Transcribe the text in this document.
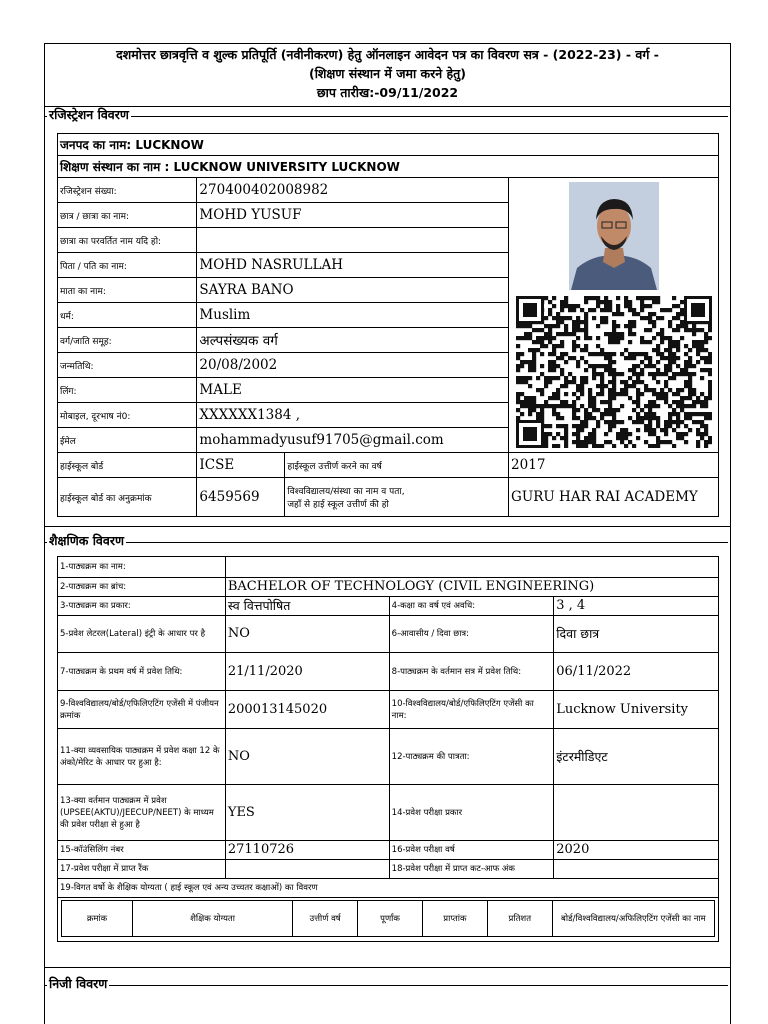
दशमोत्तर छात्रवृत्ति व शुल्क प्रतिपूर्ति (नवीनीकरण) हेतु ऑनलाइन आवेदन पत्र का विवरण सत्र - (2022-23) - वर्ग -
(शिक्षण संस्थान में जमा करने हेतु)
छाप तारीख:-09/11/2022
रजिस्ट्रेशन विवरण
जनपद का नाम: LUCKNOW			
शिक्षण संस्थान का नाम : LUCKNOW UNIVERSITY LUCKNOW			
रजिस्ट्रेशन संख्या:	270400402008982	

छात्र / छात्रा का नाम:	MOHD YUSUF		
छात्रा का परवर्तित नाम यदि हो:			
पिता / पति का नाम:	MOHD NASRULLAH		
माता का नाम:	SAYRA BANO		
धर्म:	Muslim		
वर्ग/जाति समूह:	अल्पसंख्यक वर्ग		
जन्मतिथि:	20/08/2002		
लिंग:	MALE		
मोबाइल, दूरभाष नं0:	XXXXXX1384 ,		
ईमेल	mohammadyusuf91705@gmail.com		
हाईस्कूल बोर्ड	ICSE	हाईस्कूल उत्तीर्ण करने का वर्ष	2017
हाईस्कूल बोर्ड का अनुक्रमांक	6459569	विश्वविद्यालय/संस्था का नाम व पता,
जहाँ से हाई स्कूल उत्तीर्ण की हो	GURU HAR RAI ACADEMY
शैक्षणिक विवरण
1-पाठ्यक्रम का नाम:	
2-पाठ्यक्रम का ब्रांच:	BACHELOR OF TECHNOLOGY (CIVIL ENGINEERING)
3-पाठ्यक्रम का प्रकार:	स्व वित्तपोषित	4-कक्षा का वर्ष एवं अवधि:	3 , 4
5-प्रवेश लेटरल(Lateral) इंट्री के आधार पर है	NO	6-आवासीय / दिवा छात्र:	दिवा छात्र
7-पाठ्यक्रम के प्रथम वर्ष में प्रवेश तिथि:	21/11/2020	8-पाठ्यक्रम के वर्तमान सत्र में प्रवेश तिथि:	06/11/2022
9-विश्वविद्यालय/बोर्ड/एफिलिएटिंग एजेंसी में पंजीयन क्रमांक	200013145020	10-विश्वविद्यालय/बोर्ड/एफिलिएटिंग एजेंसी का नाम:	Lucknow University
11-क्या व्यवसायिक पाठ्यक्रम में प्रवेश कक्षा 12 के अंको/मेरिट के आधार पर हुआ है:	NO	12-पाठ्यक्रम की पात्रता:	इंटरमीडिएट
13-क्या वर्तमान पाठ्यक्रम में प्रवेश (UPSEE(AKTU)/JEECUP/NEET) के माध्यम की प्रवेश परीक्षा से हुआ है	YES	14-प्रवेश परीक्षा प्रकार	
15-कॉउंसिलिंग नंबर	27110726	16-प्रवेश परीक्षा वर्ष	2020
17-प्रवेश परीक्षा में प्राप्त रैंक		18-प्रवेश परीक्षा में प्राप्त कट-आफ अंक	
19-विगत वर्षो के शैक्षिक योग्यता ( हाई स्कूल एवं अन्य उच्चतर कक्षाओं) का विवरण

क्रमांक	शैक्षिक योग्यता	उत्तीर्ण वर्ष	पूर्णांक	प्राप्तांक	प्रतिशत	बोर्ड/विश्वविद्यालय/अफिलिएटिंग एजेंसी का नाम
निजी विवरण
